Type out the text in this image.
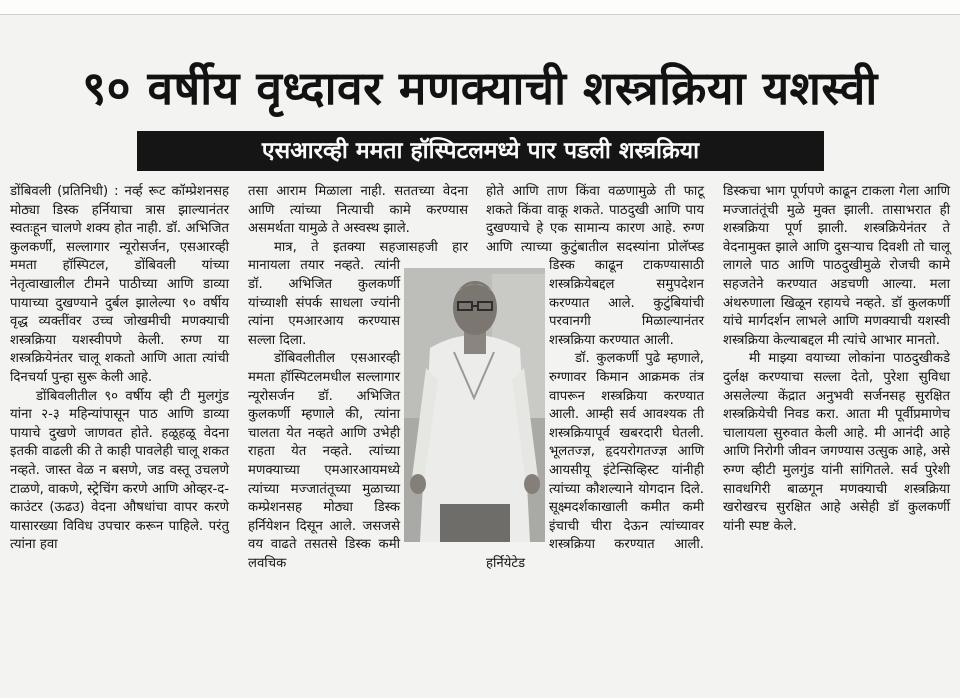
९० वर्षीय वृध्दावर मणक्याची शस्त्रक्रिया यशस्वी
एसआरव्ही ममता हॉस्पिटलमध्ये पार पडली शस्त्रक्रिया

डोंबिवली (प्रतिनिधी) : नर्व्ह रूट कॉम्प्रेशनसह मोठ्या डिस्क हर्नियाचा त्रास झाल्यानंतर स्वतःहून चालणे शक्य होत नाही. डॉ. अभिजित कुलकर्णी, सल्लागार न्यूरोसर्जन, एसआरव्ही ममता हॉस्पिटल, डोंबिवली यांच्या नेतृत्वाखालील टीमने पाठीच्या आणि डाव्या पायाच्या दुखण्याने दुर्बल झालेल्या ९० वर्षीय वृद्ध व्यक्तींवर उच्च जोखमीची मणक्याची शस्त्रक्रिया यशस्वीपणे केली. रुग्ण या शस्त्रक्रियेनंतर चालू शकतो आणि आता त्यांची दिनचर्या पुन्हा सुरू केली आहे.

डोंबिवलीतील ९० वर्षीय व्ही टी मुलगुंड यांना २-३ महिन्यांपासून पाठ आणि डाव्या पायाचे दुखणे जाणवत होते. हळूहळू वेदना इतकी वाढली की ते काही पावलेही चालू शकत नव्हते. जास्त वेळ न बसणे, जड वस्तू उचलणे टाळणे, वाकणे, स्ट्रेचिंग करणे आणि ओव्हर-द-काउंटर (ऊढउ) वेदना औषधांचा वापर करणे यासारख्या विविध उपचार करून पाहिले. परंतु त्यांना हवा

तसा आराम मिळाला नाही. सततच्या वेदना आणि त्यांच्या नित्याची कामे करण्यास असमर्थता यामुळे ते अस्वस्थ झाले.

मात्र, ते इतक्या सहजासहजी हार मानायला तयार नव्हते. त्यांनी डॉ. अभिजित कुलकर्णी यांच्याशी संपर्क साधला ज्यांनी त्यांना एमआरआय करण्यास सल्ला दिला.

डोंबिवलीतील एसआरव्ही ममता हॉस्पिटलमधील सल्लागार न्यूरोसर्जन डॉ. अभिजित कुलकर्णी म्हणाले की, त्यांना चालता येत नव्हते आणि उभेही राहता येत नव्हते. त्यांच्या मणक्याच्या एमआरआयमध्ये त्यांच्या मज्जातंतूच्या मुळाच्या कम्प्रेशनसह मोठ्या डिस्क हर्नियेशन दिसून आले. जसजसे वय वाढते तसतसे डिस्क कमी लवचिक

होते आणि ताण किंवा वळणामुळे ती फाटू शकते किंवा वाकू शकते. पाठदुखी आणि पाय दुखण्याचे हे एक सामान्य कारण आहे. रुग्ण आणि त्याच्या कुटुंबातील सदस्यांना प्रोलॅप्स्ड डिस्क काढून टाकण्यासाठी शस्त्रक्रियेबद्दल समुपदेशन करण्यात आले. कुटुंबियांची परवानगी मिळाल्यानंतर शस्त्रक्रिया करण्यात आली.

डॉ. कुलकर्णी पुढे म्हणाले, रुग्णावर किमान आक्रमक तंत्र वापरून शस्त्रक्रिया करण्यात आली. आम्ही सर्व आवश्यक ती शस्त्रक्रियापूर्व खबरदारी घेतली. भूलतज्ज्ञ, हृदयरोगतज्ज्ञ आणि आयसीयू इंटेन्सिव्हिस्ट यांनीही त्यांच्या कौशल्याने योगदान दिले. सूक्ष्मदर्शकाखाली कमीत कमी इंचाची चीरा देऊन त्यांच्यावर शस्त्रक्रिया करण्यात आली. हर्नियेटेड

डिस्कचा भाग पूर्णपणे काढून टाकला गेला आणि मज्जातंतूंची मुळे मुक्त झाली. तासाभरात ही शस्त्रक्रिया पूर्ण झाली. शस्त्रक्रियेनंतर ते वेदनामुक्त झाले आणि दुसऱ्याच दिवशी तो चालू लागले पाठ आणि पाठदुखीमुळे रोजची कामे सहजतेने करण्यात अडचणी आल्या. मला अंथरुणाला खिळून रहायचे नव्हते. डॉ कुलकर्णी यांचे मार्गदर्शन लाभले आणि मणक्याची यशस्वी शस्त्रक्रिया केल्याबद्दल मी त्यांचे आभार मानतो.

मी माझ्या वयाच्या लोकांना पाठदुखीकडे दुर्लक्ष करण्याचा सल्ला देतो, पुरेशा सुविधा असलेल्या केंद्रात अनुभवी सर्जनसह सुरक्षित शस्त्रक्रियेची निवड करा. आता मी पूर्वीप्रमाणेच चालायला सुरुवात केली आहे. मी आनंदी आहे आणि निरोगी जीवन जगण्यास उत्सुक आहे, असे रुग्ण व्हीटी मुलगुंड यांनी सांगितले. सर्व पुरेशी सावधगिरी बाळगून मणक्याची शस्त्रक्रिया खरोखरच सुरक्षित आहे असेही डॉ कुलकर्णी यांनी स्पष्ट केले.
